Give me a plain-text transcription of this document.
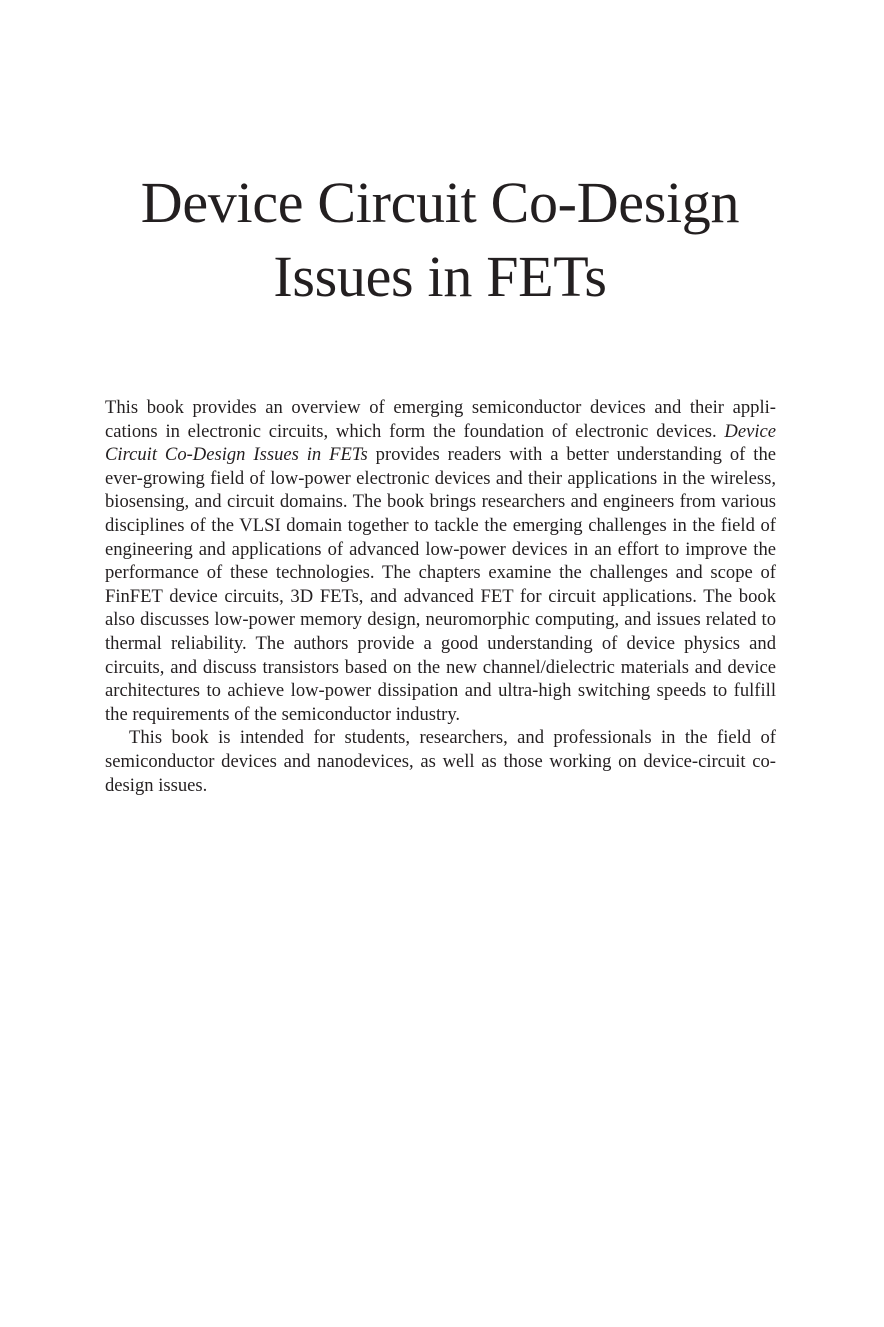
Device Circuit Co-Design
Issues in FETs

This book provides an overview of emerging semiconductor devices and their applications in electronic circuits, which form the foundation of electronic devices. Device Circuit Co-Design Issues in FETs provides readers with a better understanding of the ever-growing field of low-power electronic devices and their applications in the wireless, biosensing, and circuit domains. The book brings researchers and engineers from various disciplines of the VLSI domain together to tackle the emerging challenges in the field of engineering and applications of advanced low-power devices in an effort to improve the performance of these technologies. The chapters examine the challenges and scope of FinFET device circuits, 3D FETs, and advanced FET for circuit applications. The book also discusses low-power memory design, neuromorphic computing, and issues related to thermal reliability. The authors provide a good understanding of device physics and circuits, and discuss transistors based on the new channel/dielectric materials and device architectures to achieve low-power dissipation and ultra-high switching speeds to fulfill the requirements of the semiconductor industry.

This book is intended for students, researchers, and professionals in the field of semiconductor devices and nanodevices, as well as those working on device-circuit co-design issues.
